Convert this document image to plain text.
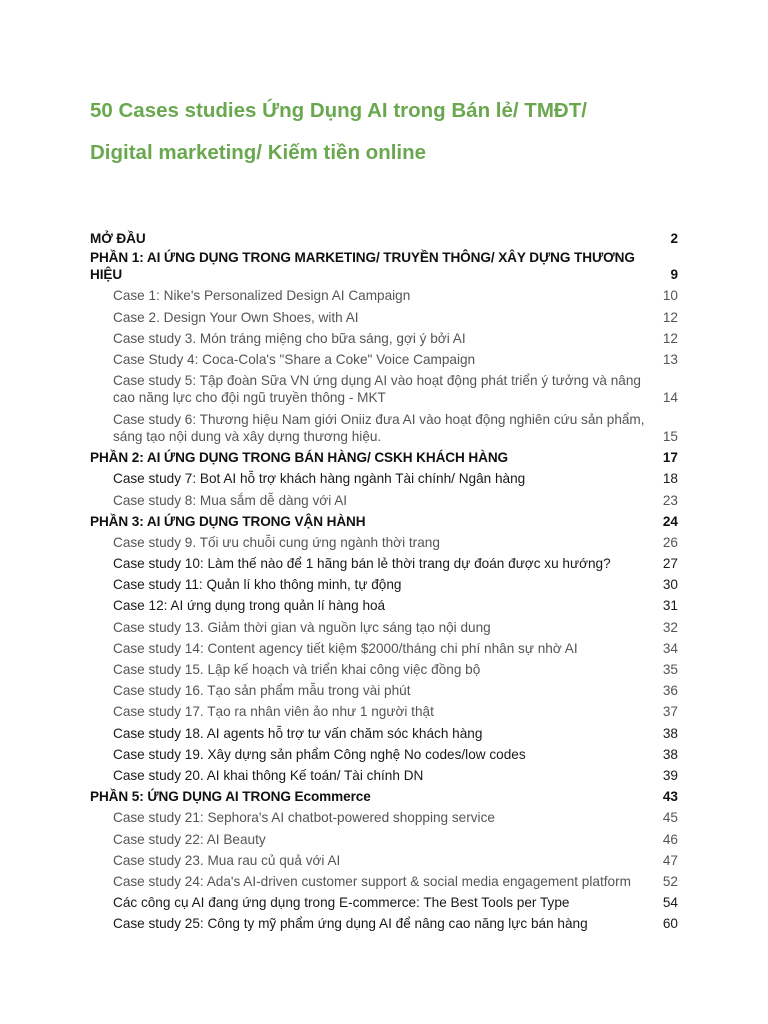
50 Cases studies Ứng Dụng AI trong Bán lẻ/ TMĐT/
Digital marketing/ Kiếm tiền online
MỞ ĐẦU	2
PHẦN 1: AI ỨNG DỤNG TRONG MARKETING/ TRUYỀN THÔNG/ XÂY DỰNG THƯƠNG HIỆU	9
Case 1: Nike's Personalized Design AI Campaign	10
Case 2. Design Your Own Shoes, with AI	12
Case study 3. Món tráng miệng cho bữa sáng, gợi ý bởi AI	12
Case Study 4: Coca-Cola's "Share a Coke" Voice Campaign	13
Case study 5: Tập đoàn Sữa VN ứng dụng AI vào hoạt động phát triển ý tưởng và nâng cao năng lực cho đội ngũ truyền thông - MKT	14
Case study 6: Thương hiệu Nam giới Oniiz đưa AI vào hoạt động nghiên cứu sản phẩm, sáng tạo nội dung và xây dựng thương hiệu.	15
PHẦN 2: AI ỨNG DỤNG TRONG BÁN HÀNG/ CSKH KHÁCH HÀNG	17
Case study 7: Bot AI hỗ trợ khách hàng ngành Tài chính/ Ngân hàng	18
Case study 8: Mua sắm dễ dàng với AI	23
PHẦN 3: AI ỨNG DỤNG TRONG VẬN HÀNH	24
Case study 9. Tối ưu chuỗi cung ứng ngành thời trang	26
Case study 10: Làm thế nào để 1 hãng bán lẻ thời trang dự đoán được xu hướng?	27
Case study 11: Quản lí kho thông minh, tự động	30
Case 12: AI ứng dụng trong quản lí hàng hoá	31
Case study 13. Giảm thời gian và nguồn lực sáng tạo nội dung	32
Case study 14: Content agency tiết kiệm $2000/tháng chi phí nhân sự nhờ AI	34
Case study 15. Lập kế hoạch và triển khai công việc đồng bộ	35
Case study 16. Tạo sản phẩm mẫu trong vài phút	36
Case study 17. Tạo ra nhân viên ảo như 1 người thật	37
Case study 18. AI agents hỗ trợ tư vấn chăm sóc khách hàng	38
Case study 19. Xây dựng sản phẩm Công nghệ No codes/low codes	38
Case study 20. AI khai thông Kế toán/ Tài chính DN	39
PHẦN 5: ỨNG DỤNG AI TRONG Ecommerce	43
Case study 21: Sephora's AI chatbot-powered shopping service	45
Case study 22: AI Beauty	46
Case study 23. Mua rau củ quả với AI	47
Case study 24: Ada's AI-driven customer support & social media engagement platform	52
Các công cụ AI đang ứng dụng trong E-commerce: The Best Tools per Type	54
Case study 25: Công ty mỹ phẩm ứng dụng AI để nâng cao năng lực bán hàng	60
